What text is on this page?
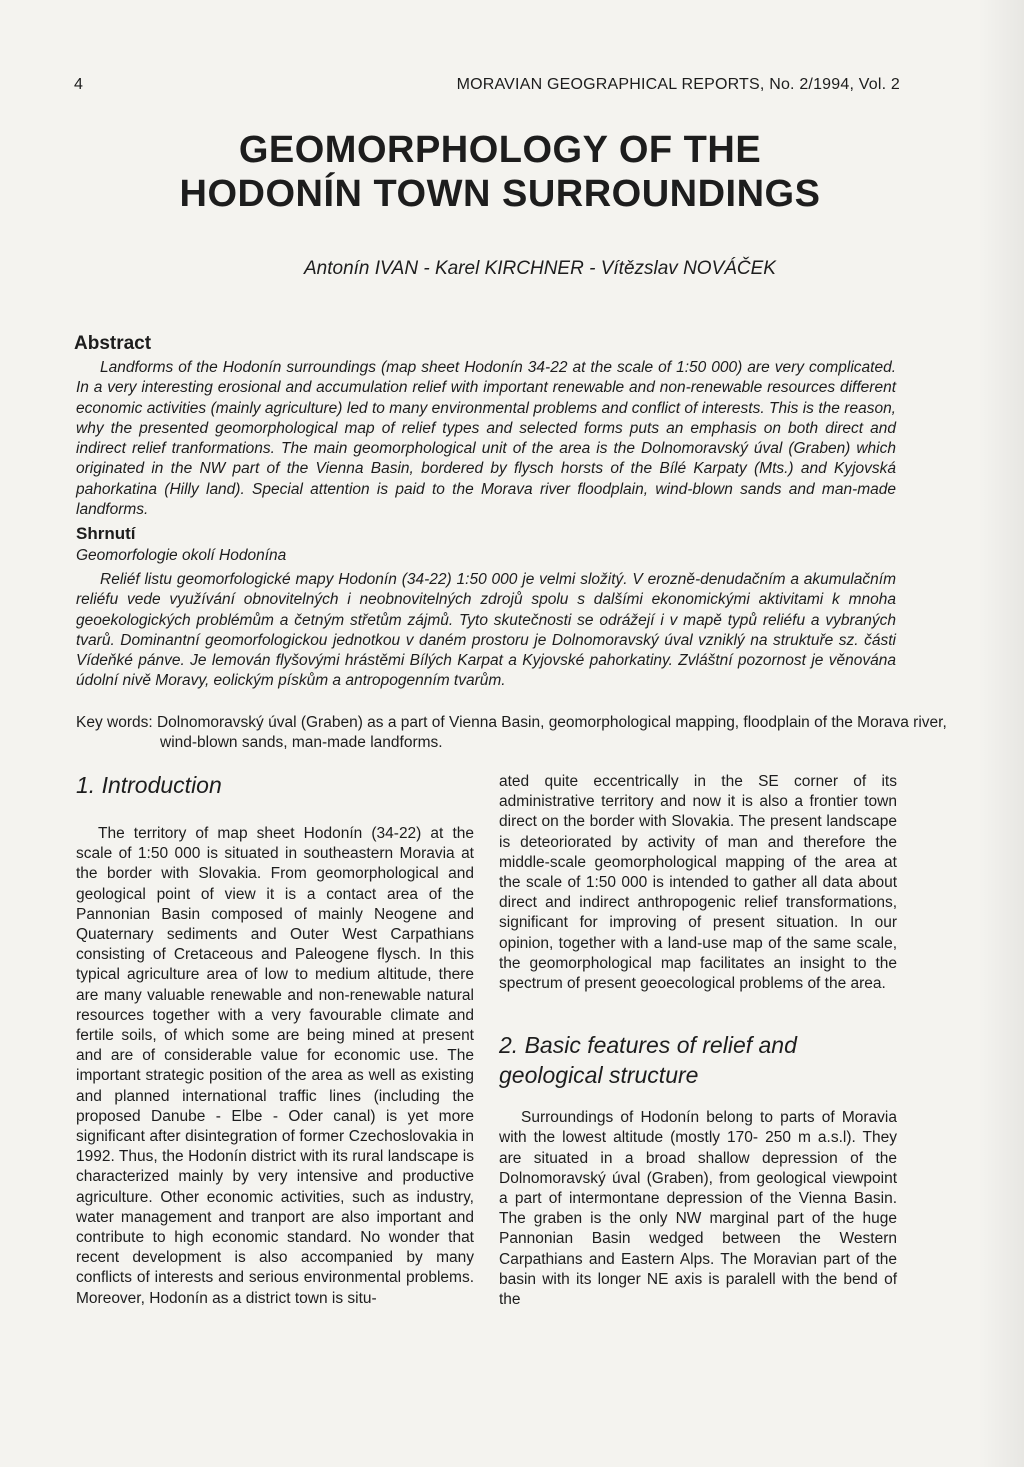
4	MORAVIAN GEOGRAPHICAL REPORTS, No. 2/1994, Vol. 2
GEOMORPHOLOGY OF THE HODONÍN TOWN SURROUNDINGS
Antonín IVAN - Karel KIRCHNER - Vítězslav NOVÁČEK
Abstract

Landforms of the Hodonín surroundings (map sheet Hodonín 34-22 at the scale of 1:50 000) are very complicated. In a very interesting erosional and accumulation relief with important renewable and non-renewable resources different economic activities (mainly agriculture) led to many environmental problems and conflict of interests. This is the reason, why the presented geomorphological map of relief types and selected forms puts an emphasis on both direct and indirect relief tranformations. The main geomorphological unit of the area is the Dolnomoravský úval (Graben) which originated in the NW part of the Vienna Basin, bordered by flysch horsts of the Bílé Karpaty (Mts.) and Kyjovská pahorkatina (Hilly land). Special attention is paid to the Morava river floodplain, wind-blown sands and man-made landforms.

Shrnutí

Geomorfologie okolí Hodonína

Reliéf listu geomorfologické mapy Hodonín (34-22) 1:50 000 je velmi složitý. V erozně-denudačním a akumulačním reliéfu vede využívání obnovitelných i neobnovitelných zdrojů spolu s dalšími ekonomickými aktivitami k mnoha geoekologických problémům a četným střetům zájmů. Tyto skutečnosti se odrážejí i v mapě typů reliéfu a vybraných tvarů. Dominantní geomorfologickou jednotkou v daném prostoru je Dolnomoravský úval vzniklý na struktuře sz. části Vídeňké pánve. Je lemován flyšovými hrástěmi Bílých Karpat a Kyjovské pahorkatiny. Zvláštní pozornost je věnována údolní nivě Moravy, eolickým pískům a antropogenním tvarům.

Key words: Dolnomoravský úval (Graben) as a part of Vienna Basin, geomorphological mapping, floodplain of the Morava river, wind-blown sands, man-made landforms.

1. Introduction

The territory of map sheet Hodonín (34-22) at the scale of 1:50 000 is situated in southeastern Moravia at the border with Slovakia. From geomorphological and geological point of view it is a contact area of the Pannonian Basin composed of mainly Neogene and Quaternary sediments and Outer West Carpathians consisting of Cretaceous and Paleogene flysch. In this typical agriculture area of low to medium altitude, there are many valuable renewable and non-renewable natural resources together with a very favourable climate and fertile soils, of which some are being mined at present and are of considerable value for economic use. The important strategic position of the area as well as existing and planned international traffic lines (including the proposed Danube - Elbe - Oder canal) is yet more significant after disintegration of former Czechoslovakia in 1992. Thus, the Hodonín district with its rural landscape is characterized mainly by very intensive and productive agriculture. Other economic activities, such as industry, water management and tranport are also important and contribute to high economic standard. No wonder that recent development is also accompanied by many conflicts of interests and serious environmental problems. Moreover, Hodonín as a district town is situ-

ated quite eccentrically in the SE corner of its administrative territory and now it is also a frontier town direct on the border with Slovakia. The present landscape is deteoriorated by activity of man and therefore the middle-scale geomorphological mapping of the area at the scale of 1:50 000 is intended to gather all data about direct and indirect anthropogenic relief transformations, significant for improving of present situation. In our opinion, together with a land-use map of the same scale, the geomorphological map facilitates an insight to the spectrum of present geoecological problems of the area.

2. Basic features of relief and geological structure

Surroundings of Hodonín belong to parts of Moravia with the lowest altitude (mostly 170- 250 m a.s.l). They are situated in a broad shallow depression of the Dolnomoravský úval (Graben), from geological viewpoint a part of intermontane depression of the Vienna Basin. The graben is the only NW marginal part of the huge Pannonian Basin wedged between the Western Carpathians and Eastern Alps. The Moravian part of the basin with its longer NE axis is paralell with the bend of the
